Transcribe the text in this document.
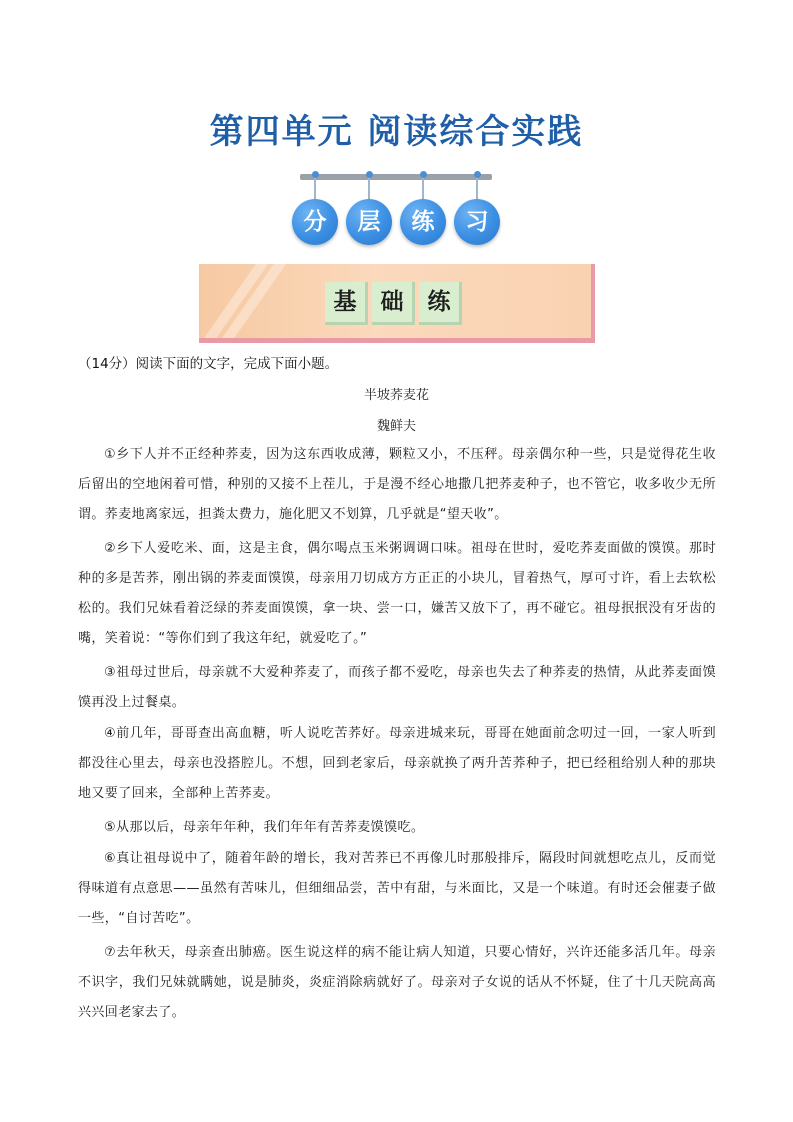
第四单元 阅读综合实践
分	层	练	习
基	础	练
（14分）阅读下面的文字，完成下面小题。
半坡荞麦花
魏鲜夫

①乡下人并不正经种荞麦，因为这东西收成薄，颗粒又小，不压秤。母亲偶尔种一些，只是觉得花生收后留出的空地闲着可惜，种别的又接不上茬儿，于是漫不经心地撒几把荞麦种子，也不管它，收多收少无所谓。荞麦地离家远，担粪太费力，施化肥又不划算，几乎就是“望天收”。

②乡下人爱吃米、面，这是主食，偶尔喝点玉米粥调调口味。祖母在世时，爱吃荞麦面做的馍馍。那时种的多是苦荞，刚出锅的荞麦面馍馍，母亲用刀切成方方正正的小块儿，冒着热气，厚可寸许，看上去软松松的。我们兄妹看着泛绿的荞麦面馍馍，拿一块、尝一口，嫌苦又放下了，再不碰它。祖母抿抿没有牙齿的嘴，笑着说：“等你们到了我这年纪，就爱吃了。”

③祖母过世后，母亲就不大爱种荞麦了，而孩子都不爱吃，母亲也失去了种荞麦的热情，从此荞麦面馍馍再没上过餐桌。

④前几年，哥哥查出高血糖，听人说吃苦荞好。母亲进城来玩，哥哥在她面前念叨过一回，一家人听到都没往心里去，母亲也没搭腔儿。不想，回到老家后，母亲就换了两升苦荞种子，把已经租给别人种的那块地又要了回来，全部种上苦荞麦。

⑤从那以后，母亲年年种，我们年年有苦荞麦馍馍吃。

⑥真让祖母说中了，随着年龄的增长，我对苦荞已不再像儿时那般排斥，隔段时间就想吃点儿，反而觉得味道有点意思——虽然有苦味儿，但细细品尝，苦中有甜，与米面比，又是一个味道。有时还会催妻子做一些，“自讨苦吃”。

⑦去年秋天，母亲查出肺癌。医生说这样的病不能让病人知道，只要心情好，兴许还能多活几年。母亲不识字，我们兄妹就瞒她，说是肺炎，炎症消除病就好了。母亲对子女说的话从不怀疑，住了十几天院高高兴兴回老家去了。
